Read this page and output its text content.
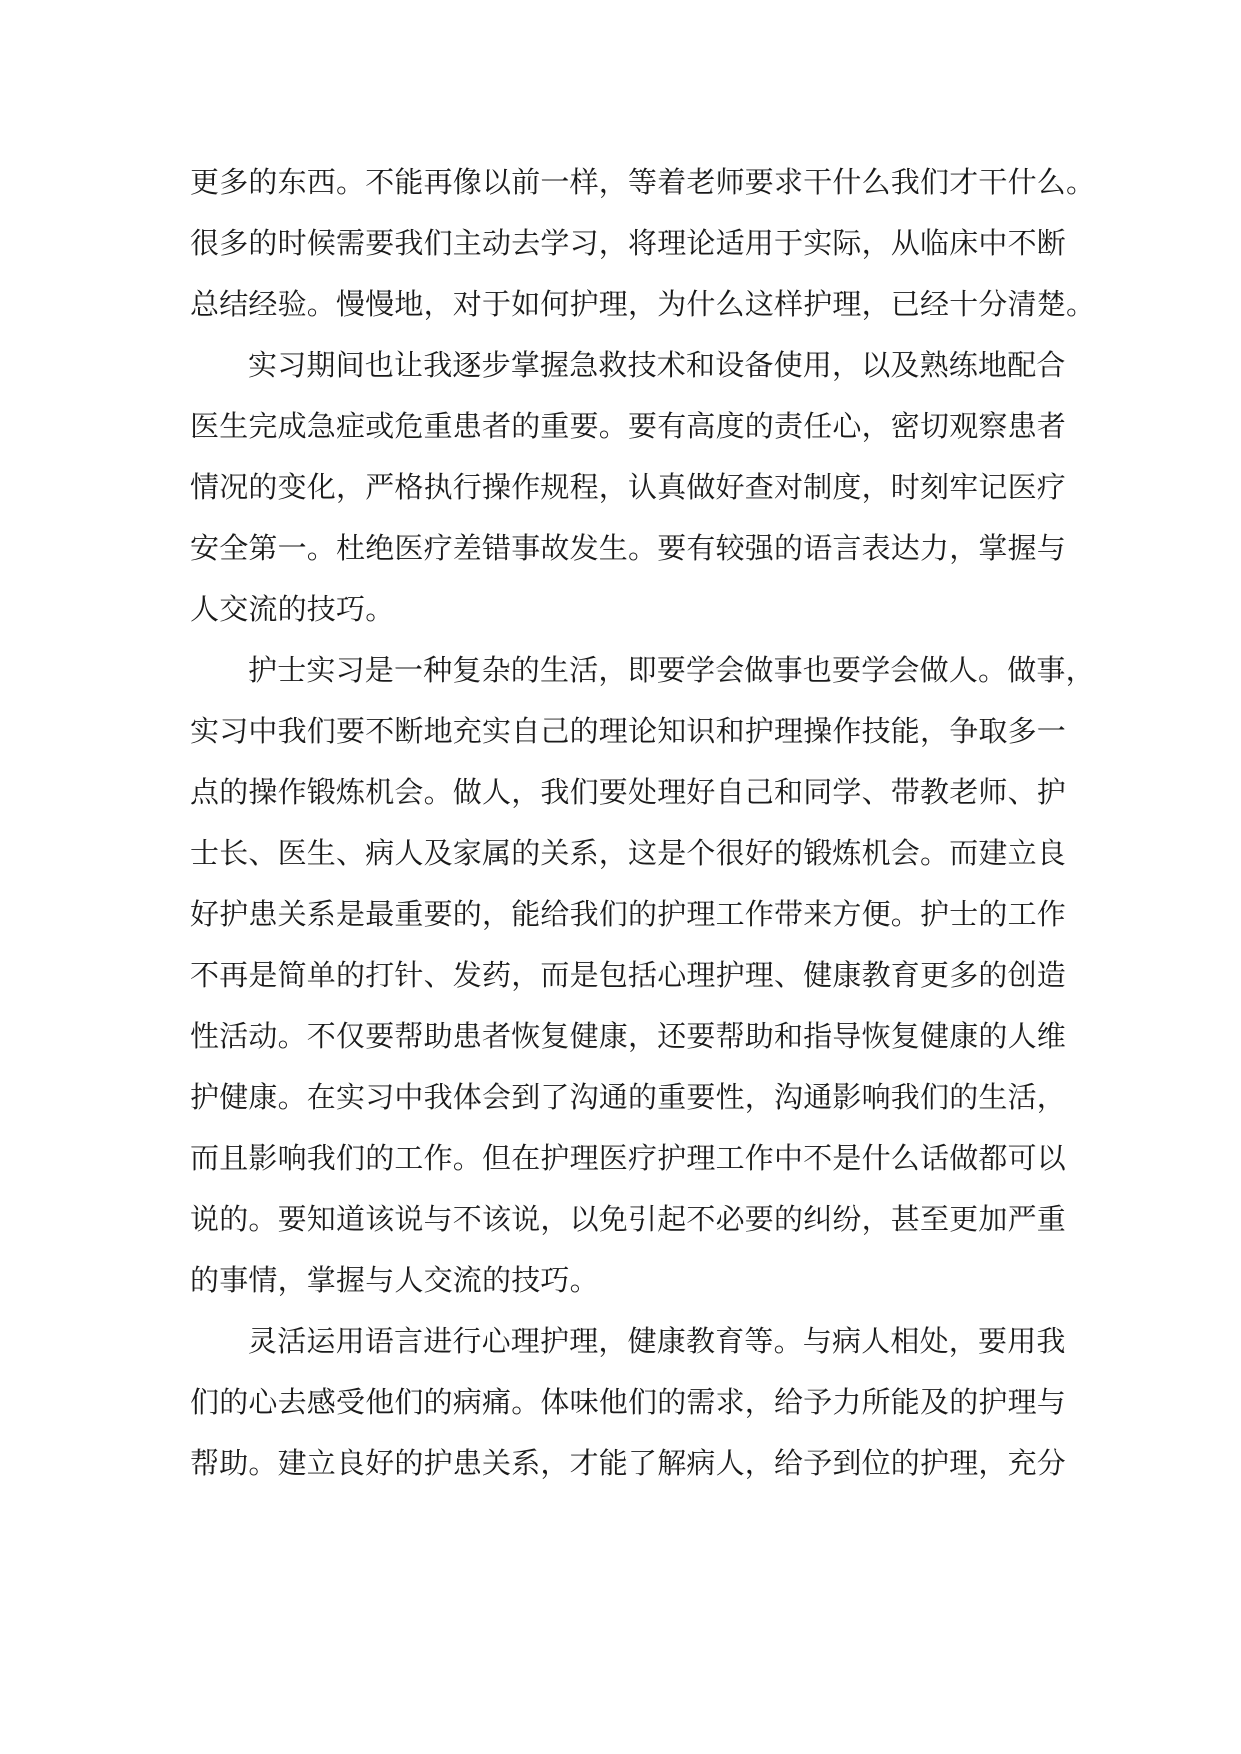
更多的东西。不能再像以前一样，等着老师要求干什么我们才干什么。
很多的时候需要我们主动去学习，将理论适用于实际，从临床中不断
总结经验。慢慢地，对于如何护理，为什么这样护理，已经十分清楚。
实习期间也让我逐步掌握急救技术和设备使用，以及熟练地配合
医生完成急症或危重患者的重要。要有高度的责任心，密切观察患者
情况的变化，严格执行操作规程，认真做好查对制度，时刻牢记医疗
安全第一。杜绝医疗差错事故发生。要有较强的语言表达力，掌握与
人交流的技巧。
护士实习是一种复杂的生活，即要学会做事也要学会做人。做事，
实习中我们要不断地充实自己的理论知识和护理操作技能，争取多一
点的操作锻炼机会。做人，我们要处理好自己和同学、带教老师、护
士长、医生、病人及家属的关系，这是个很好的锻炼机会。而建立良
好护患关系是最重要的，能给我们的护理工作带来方便。护士的工作
不再是简单的打针、发药，而是包括心理护理、健康教育更多的创造
性活动。不仅要帮助患者恢复健康，还要帮助和指导恢复健康的人维
护健康。在实习中我体会到了沟通的重要性，沟通影响我们的生活，
而且影响我们的工作。但在护理医疗护理工作中不是什么话做都可以
说的。要知道该说与不该说，以免引起不必要的纠纷，甚至更加严重
的事情，掌握与人交流的技巧。
灵活运用语言进行心理护理，健康教育等。与病人相处，要用我
们的心去感受他们的病痛。体味他们的需求，给予力所能及的护理与
帮助。建立良好的护患关系，才能了解病人，给予到位的护理，充分
